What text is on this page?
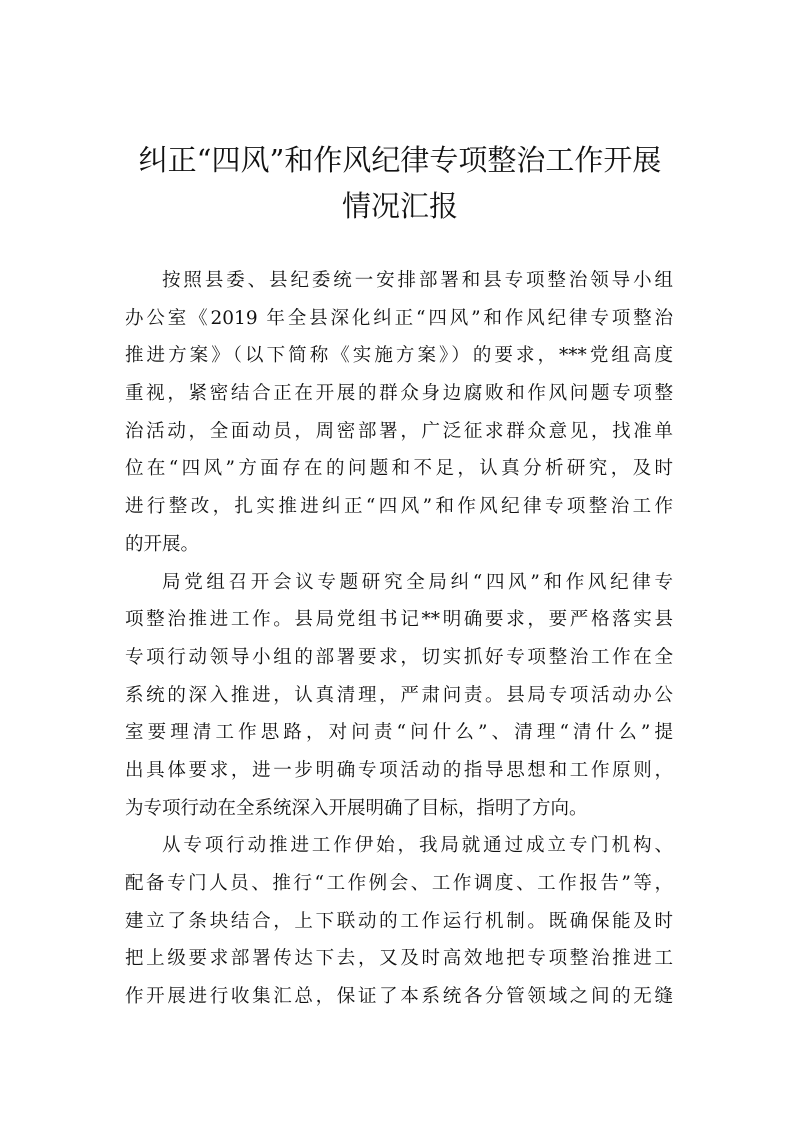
纠正“四风”和作风纪律专项整治工作开展
情况汇报
按照县委、县纪委统一安排部署和县专项整治领导小组
办公室《2019 年全县深化纠正“四风”和作风纪律专项整治
推进方案》（以下简称《实施方案》）的要求，***党组高度
重视，紧密结合正在开展的群众身边腐败和作风问题专项整
治活动，全面动员，周密部署，广泛征求群众意见，找准单
位在“四风”方面存在的问题和不足，认真分析研究，及时
进行整改，扎实推进纠正“四风”和作风纪律专项整治工作
的开展。
局党组召开会议专题研究全局纠“四风”和作风纪律专
项整治推进工作。县局党组书记**明确要求，要严格落实县
专项行动领导小组的部署要求，切实抓好专项整治工作在全
系统的深入推进，认真清理，严肃问责。县局专项活动办公
室要理清工作思路，对问责“问什么”、清理“清什么”提
出具体要求，进一步明确专项活动的指导思想和工作原则，
为专项行动在全系统深入开展明确了目标，指明了方向。
从专项行动推进工作伊始，我局就通过成立专门机构、
配备专门人员、推行“工作例会、工作调度、工作报告”等，
建立了条块结合，上下联动的工作运行机制。既确保能及时
把上级要求部署传达下去，又及时高效地把专项整治推进工
作开展进行收集汇总，保证了本系统各分管领域之间的无缝
